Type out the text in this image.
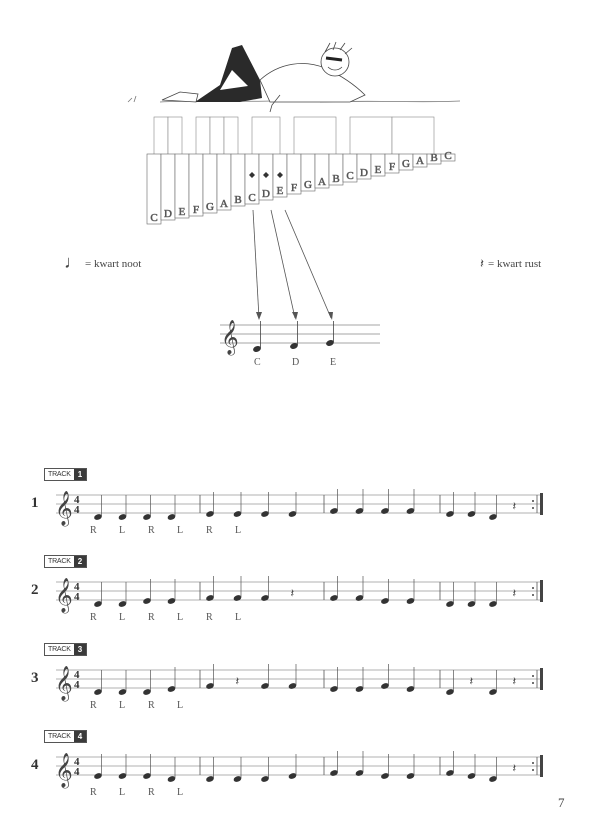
C D E F G A B C D E F G A B C D E F G A B C
♩ = kwart noot	𝄽 = kwart rust
𝄞
C	D	E
TRACK 1
1 𝄞 4
4	𝄽
R L R L R L
TRACK 2
2 𝄞 4
4	𝄽	𝄽
R L R L R L
TRACK 3
3 𝄞 4
4	𝄽	𝄽	𝄽
R L R L
TRACK 4
4 𝄞 4
4	𝄽
R L R L
7
